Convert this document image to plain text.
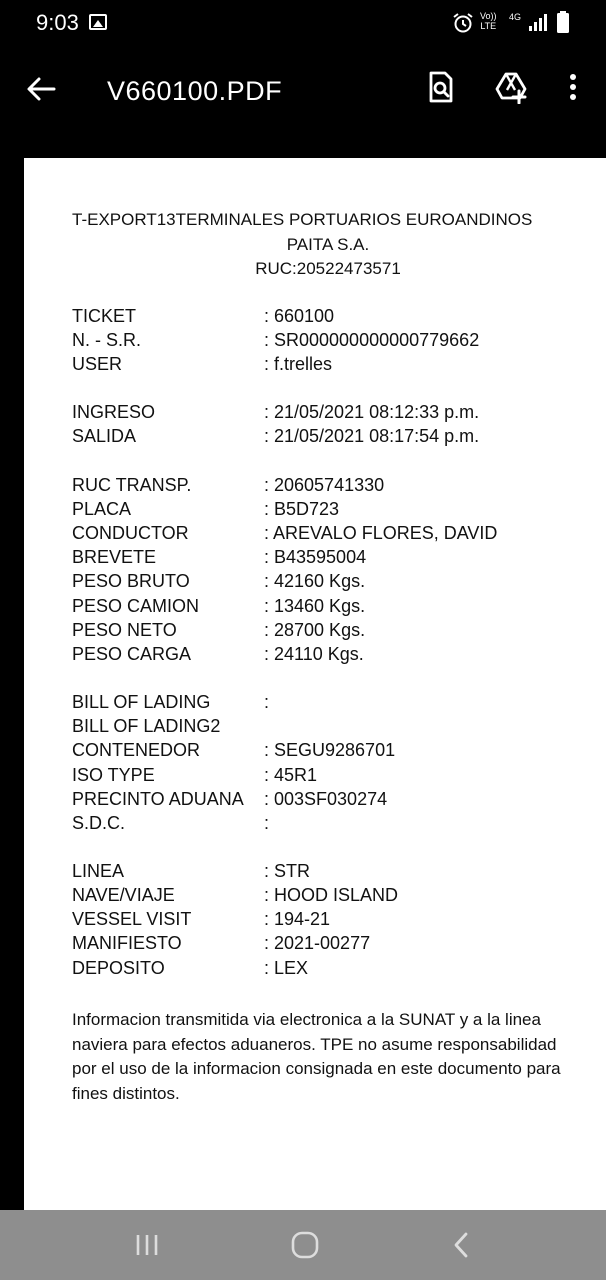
9:03	Vo))
LTE
4G
V660100.PDF
T-EXPORT13TERMINALES PORTUARIOS EUROANDINOS
PAITA S.A.
RUC:20522473571
TICKET	: 660100
N. - S.R.	: SR000000000000779662
USER	: f.trelles
INGRESO	: 21/05/2021 08:12:33 p.m.
SALIDA	: 21/05/2021 08:17:54 p.m.
RUC TRANSP.	: 20605741330
PLACA	: B5D723
CONDUCTOR	: AREVALO FLORES, DAVID
BREVETE	: B43595004
PESO BRUTO	: 42160 Kgs.
PESO CAMION	: 13460 Kgs.
PESO NETO	: 28700 Kgs.
PESO CARGA	: 24110 Kgs.
BILL OF LADING	:
BILL OF LADING2
CONTENEDOR	: SEGU9286701
ISO TYPE	: 45R1
PRECINTO ADUANA : 003SF030274
S.D.C.	:
LINEA	: STR
NAVE/VIAJE	: HOOD ISLAND
VESSEL VISIT	: 194-21
MANIFIESTO	: 2021-00277
DEPOSITO	: LEX
Informacion transmitida via electronica a la SUNAT y a la linea naviera para efectos aduaneros. TPE no asume responsabilidad por el uso de la informacion consignada en este documento para fines distintos.
